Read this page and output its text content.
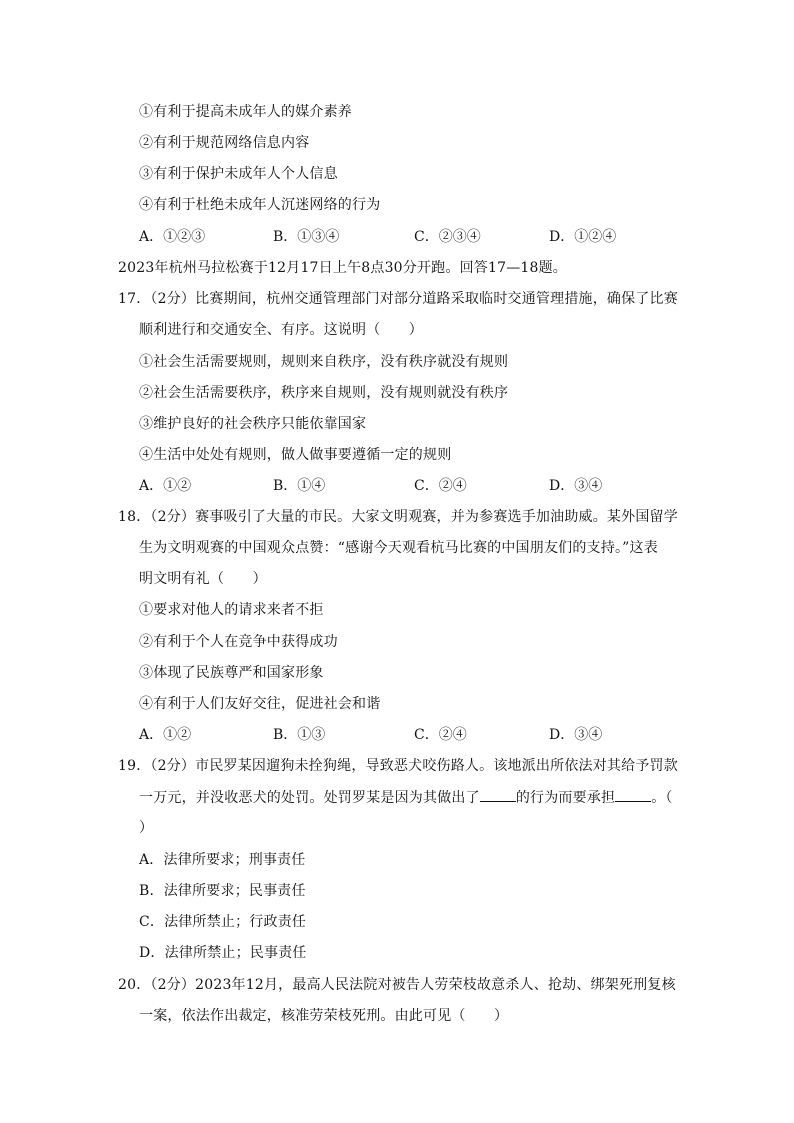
①有利于提高未成年人的媒介素养
②有利于规范网络信息内容
③有利于保护未成年人个人信息
④有利于杜绝未成年人沉迷网络的行为
A．①②③	B．①③④	C．②③④	D．①②④
2023年杭州马拉松赛于12月17日上午8点30分开跑。回答17—18题。
17．（2分）比赛期间，杭州交通管理部门对部分道路采取临时交通管理措施，确保了比赛
顺利进行和交通安全、有序。这说明（　　）
①社会生活需要规则，规则来自秩序，没有秩序就没有规则
②社会生活需要秩序，秩序来自规则，没有规则就没有秩序
③维护良好的社会秩序只能依靠国家
④生活中处处有规则，做人做事要遵循一定的规则
A．①②	B．①④	C．②④	D．③④
18．（2分）赛事吸引了大量的市民。大家文明观赛，并为参赛选手加油助威。某外国留学
生为文明观赛的中国观众点赞：“感谢今天观看杭马比赛的中国朋友们的支持。”这表
明文明有礼（　　）
①要求对他人的请求来者不拒
②有利于个人在竞争中获得成功
③体现了民族尊严和国家形象
④有利于人们友好交往，促进社会和谐
A．①②	B．①③	C．②④	D．③④
19．（2分）市民罗某因遛狗未拴狗绳，导致恶犬咬伤路人。该地派出所依法对其给予罚款
一万元，并没收恶犬的处罚。处罚罗某是因为其做出了	的行为而要承担	。（
）
A．法律所要求；刑事责任
B．法律所要求；民事责任
C．法律所禁止；行政责任
D．法律所禁止；民事责任
20．（2分）2023年12月，最高人民法院对被告人劳荣枝故意杀人、抢劫、绑架死刑复核
一案，依法作出裁定，核准劳荣枝死刑。由此可见（　　）
